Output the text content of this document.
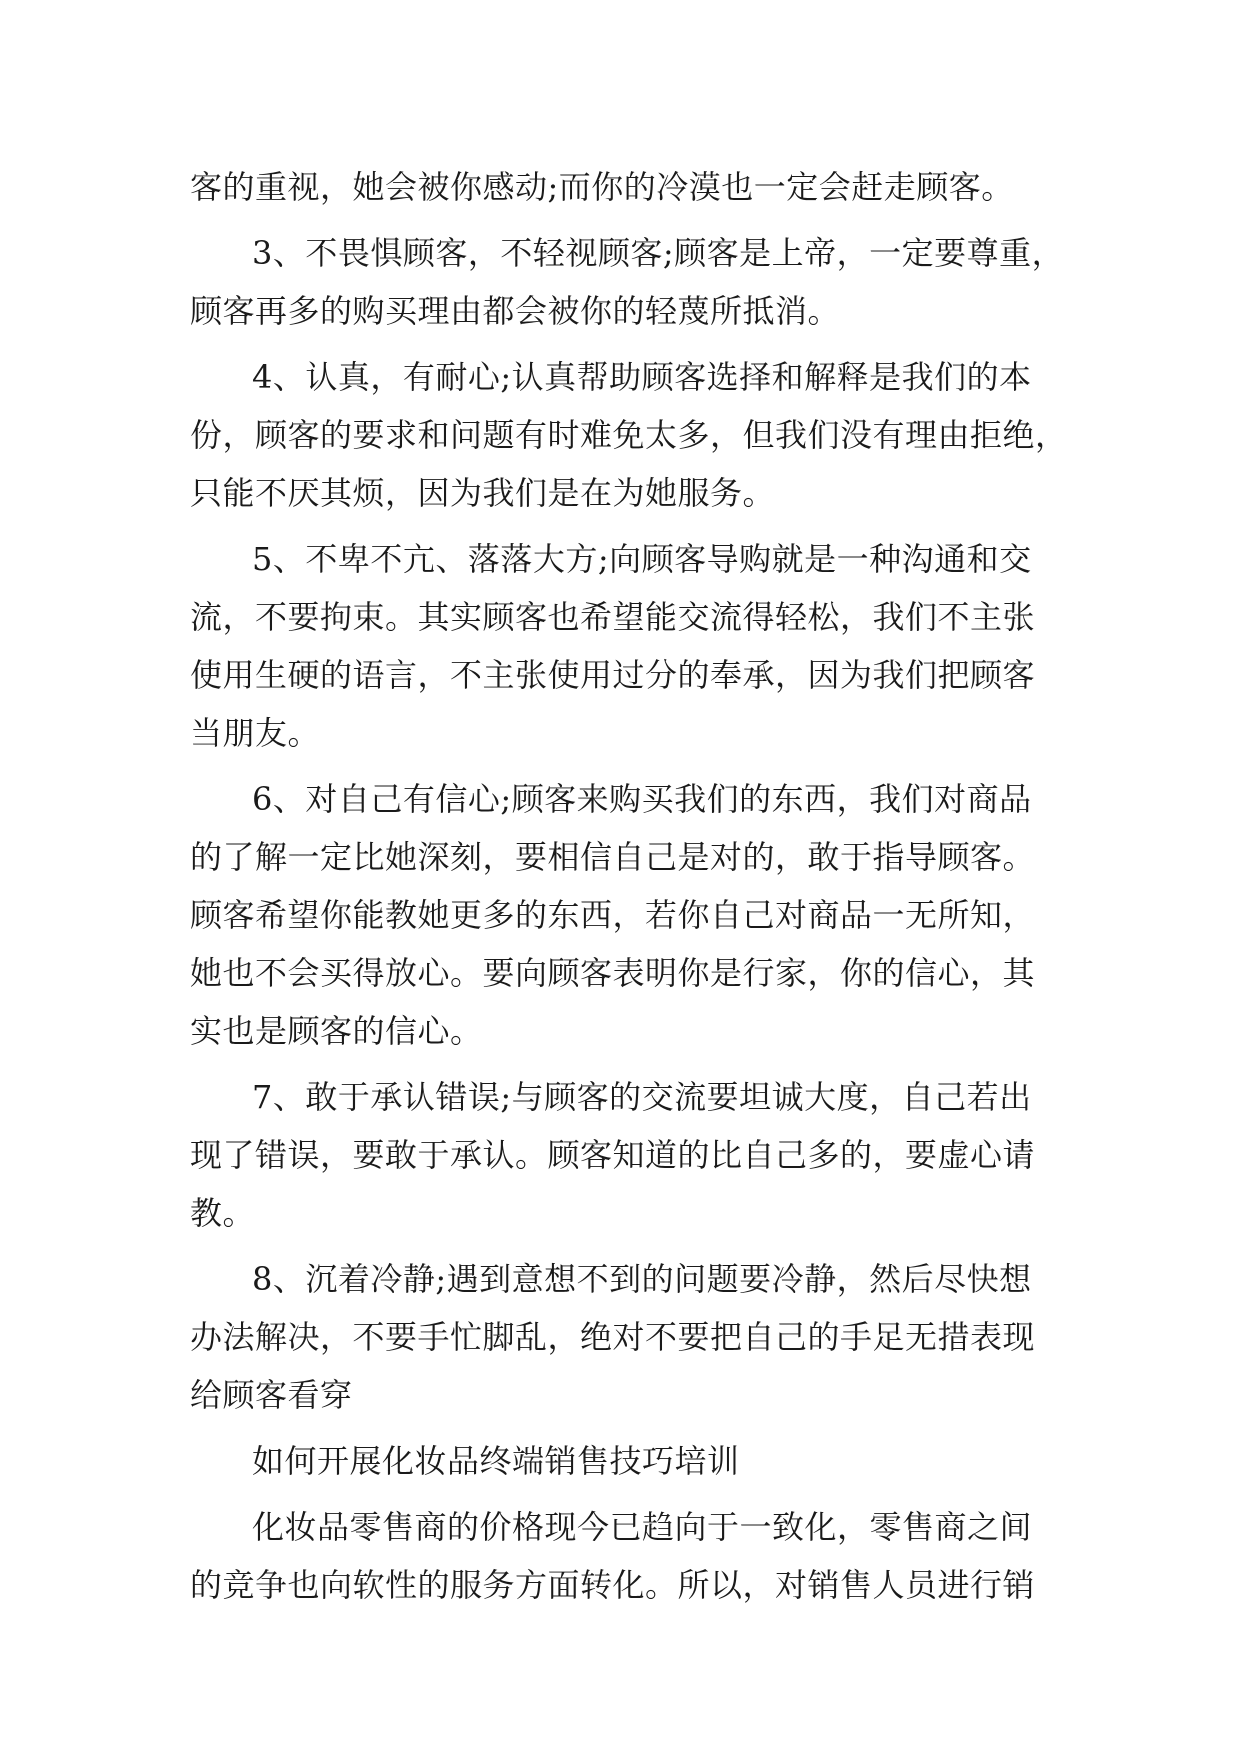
客的重视，她会被你感动;而你的冷漠也一定会赶走顾客。
3、不畏惧顾客，不轻视顾客;顾客是上帝，一定要尊重，
顾客再多的购买理由都会被你的轻蔑所抵消。
4、认真，有耐心;认真帮助顾客选择和解释是我们的本
份，顾客的要求和问题有时难免太多，但我们没有理由拒绝，
只能不厌其烦，因为我们是在为她服务。
5、不卑不亢、落落大方;向顾客导购就是一种沟通和交
流，不要拘束。其实顾客也希望能交流得轻松，我们不主张
使用生硬的语言，不主张使用过分的奉承，因为我们把顾客
当朋友。
6、对自己有信心;顾客来购买我们的东西，我们对商品
的了解一定比她深刻，要相信自己是对的，敢于指导顾客。
顾客希望你能教她更多的东西，若你自己对商品一无所知，
她也不会买得放心。要向顾客表明你是行家，你的信心，其
实也是顾客的信心。
7、敢于承认错误;与顾客的交流要坦诚大度，自己若出
现了错误，要敢于承认。顾客知道的比自己多的，要虚心请
教。
8、沉着冷静;遇到意想不到的问题要冷静，然后尽快想
办法解决，不要手忙脚乱，绝对不要把自己的手足无措表现
给顾客看穿
如何开展化妆品终端销售技巧培训
化妆品零售商的价格现今已趋向于一致化，零售商之间
的竞争也向软性的服务方面转化。所以，对销售人员进行销
